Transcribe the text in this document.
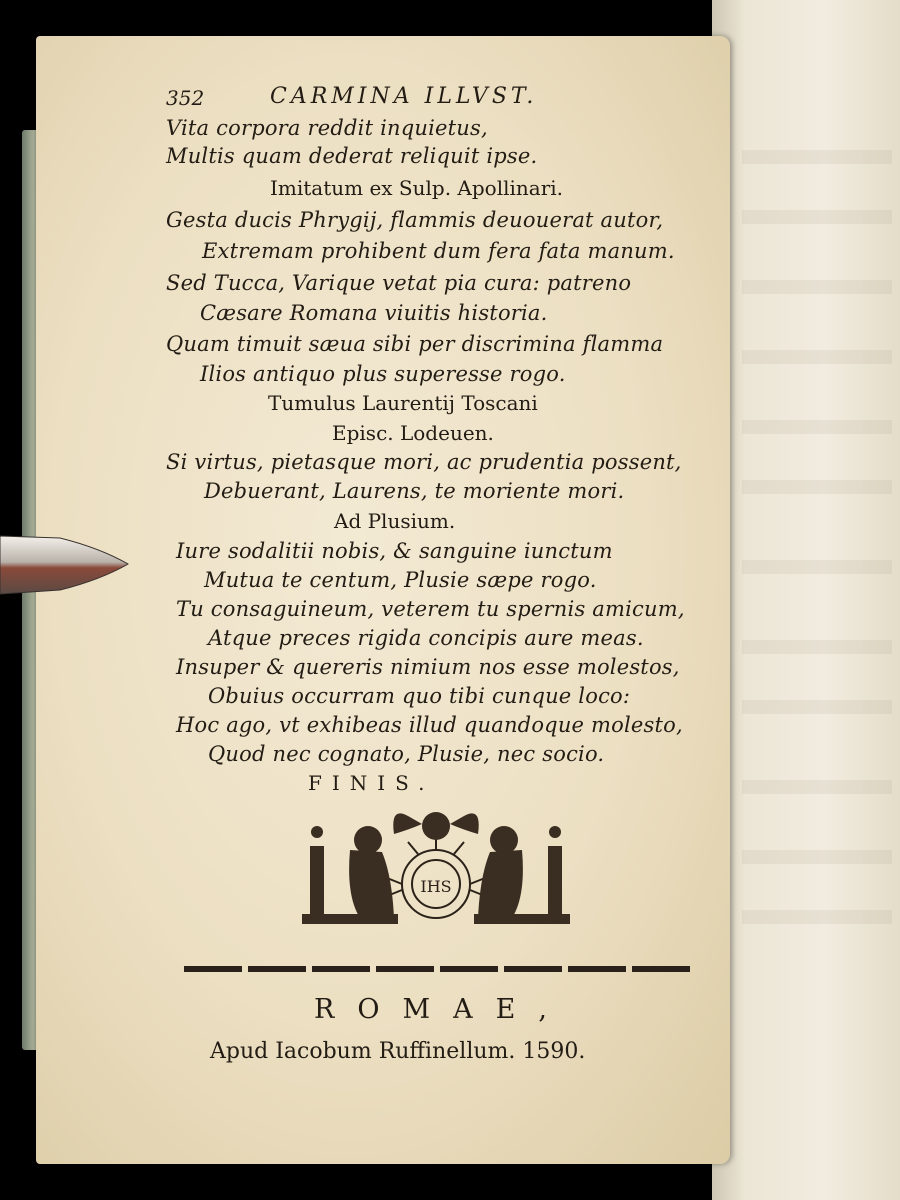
352	CARMINA ILLVST.
Vita corpora reddit inquietus,
Multis quam dederat reliquit ipse.
Imitatum ex Sulp. Apollinari.
Gesta ducis Phrygij, flammis deuouerat autor,
Extremam prohibent dum fera fata manum.
Sed Tucca, Varique vetat pia cura: patreno
Cæsare Romana viuitis historia.
Quam timuit sæua sibi per discrimina flamma
Ilios antiquo plus superesse rogo.
Tumulus Laurentij Toscani
Episc. Lodeuen.
Si virtus, pietasque mori, ac prudentia possent,
Debuerant, Laurens, te moriente mori.
Ad Plusium.
Iure sodalitii nobis, & sanguine iunctum
Mutua te centum, Plusie sæpe rogo.
Tu consaguineum, veterem tu spernis amicum,
Atque preces rigida concipis aure meas.
Insuper & quereris nimium nos esse molestos,
Obuius occurram quo tibi cunque loco:
Hoc ago, vt exhibeas illud quandoque molesto,
Quod nec cognato, Plusie, nec socio.
FINIS.
IHS
ROMAE,
Apud Iacobum Ruffinellum. 1590.
